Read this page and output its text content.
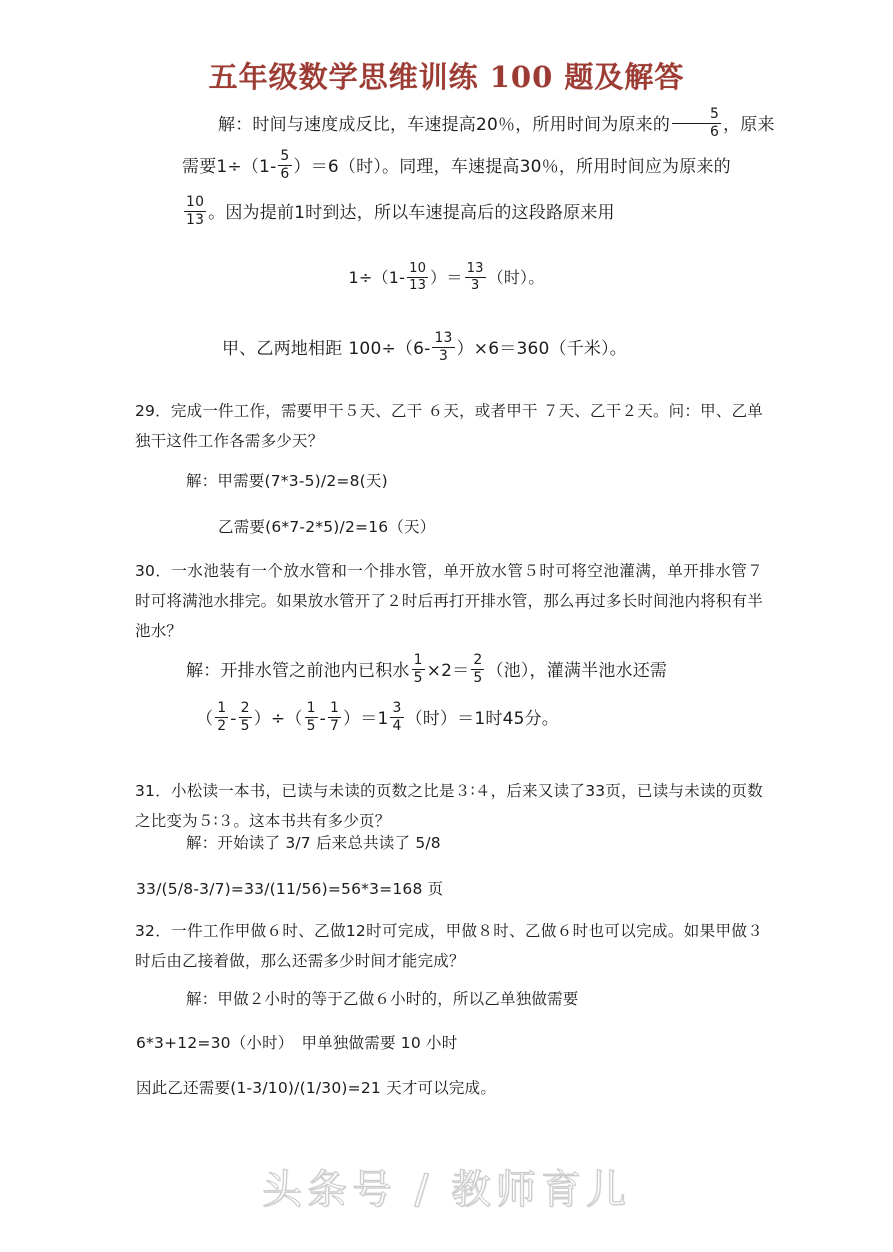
五年级数学思维训练 100 题及解答
解：时间与速度成反比，车速提高20％，所用时间为原来的 $\frac{5}{6}$ ，原来
需要$1\div(1- \frac{5}{6} )=6$（时）。同理，车速提高30％，所用时间应为原来的
$\frac{10}{13}$ 。因为提前1时到达，所以车速提高后的这段路原来用
$1\div(1- \frac{10}{13}$ ）＝ $\frac{13}{3}$ （时）。
甲、乙两地相距 $100\div(6- \frac{13}{3} )\times 6=360$（千米）。
29．完成一件工作，需要甲干５天、乙干 ６天，或者甲干 ７天、乙干２天。问：甲、乙单独干这件工作各需多少天？
解：甲需要(7*3-5)/2=8(天)
乙需要(6*7-2*5)/2=16（天）
30．一水池装有一个放水管和一个排水管，单开放水管５时可将空池灌满，单开排水管７时可将满池水排完。如果放水管开了２时后再打开排水管，那么再过多长时间池内将积有半池水？
解：开排水管之前池内已积水 $\frac{1}{5} \times 2= \frac{2}{5}$ （池），灌满半池水还需
（ $\frac{1}{2} - \frac{2}{5}$ ）÷（ $\frac{1}{5} - \frac{1}{7} )=1 \frac{3}{4}$ （时）＝1时45分。
31．小松读一本书，已读与未读的页数之比是３∶４，后来又读了33页，已读与未读的页数之比变为５∶３。这本书共有多少页？
解：开始读了 3/7 后来总共读了 5/8
33/(5/8-3/7)=33/(11/56)=56*3=168 页
32．一件工作甲做６时、乙做12时可完成，甲做８时、乙做６时也可以完成。如果甲做３时后由乙接着做，那么还需多少时间才能完成？
解：甲做２小时的等于乙做６小时的，所以乙单独做需要
6*3+12=30（小时）　甲单独做需要 10 小时
因此乙还需要(1-3/10)/(1/30)=21 天才可以完成。
头条号 / 教师育儿
